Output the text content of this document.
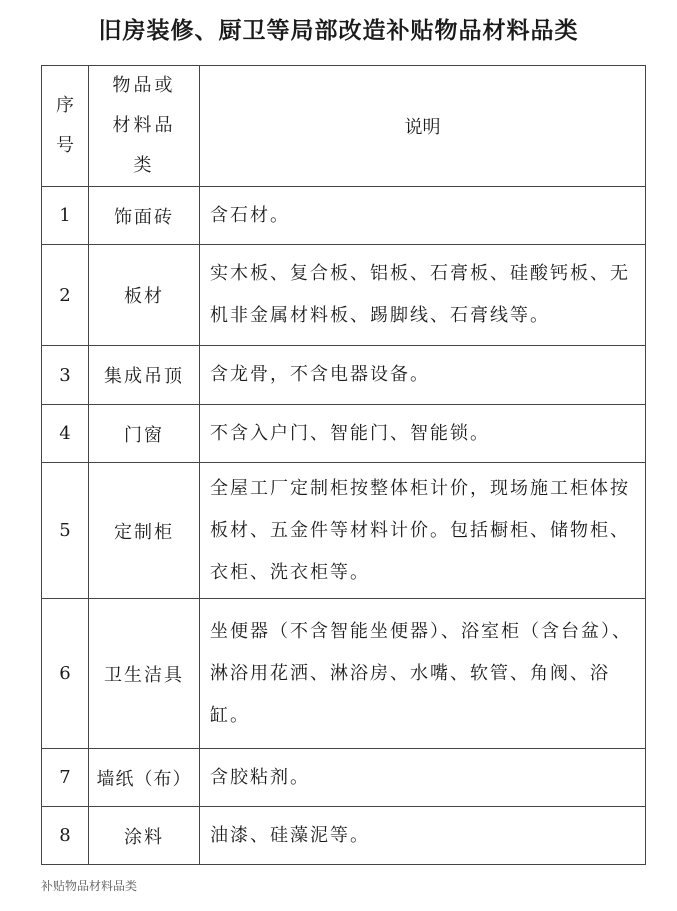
旧房装修、厨卫等局部改造补贴物品材料品类
序号	物品或材料品类	说明
1	饰面砖	含石材。
2	板材	实木板、复合板、铝板、石膏板、硅酸钙板、无机非金属材料板、踢脚线、石膏线等。
3	集成吊顶	含龙骨，不含电器设备。
4	门窗	不含入户门、智能门、智能锁。
5	定制柜	全屋工厂定制柜按整体柜计价，现场施工柜体按板材、五金件等材料计价。包括橱柜、储物柜、衣柜、洗衣柜等。
6	卫生洁具	坐便器（不含智能坐便器）、浴室柜（含台盆）、淋浴用花洒、淋浴房、水嘴、软管、角阀、浴缸。
7	墙纸（布）	含胶粘剂。
8	涂料	油漆、硅藻泥等。
补贴物品材料品类
